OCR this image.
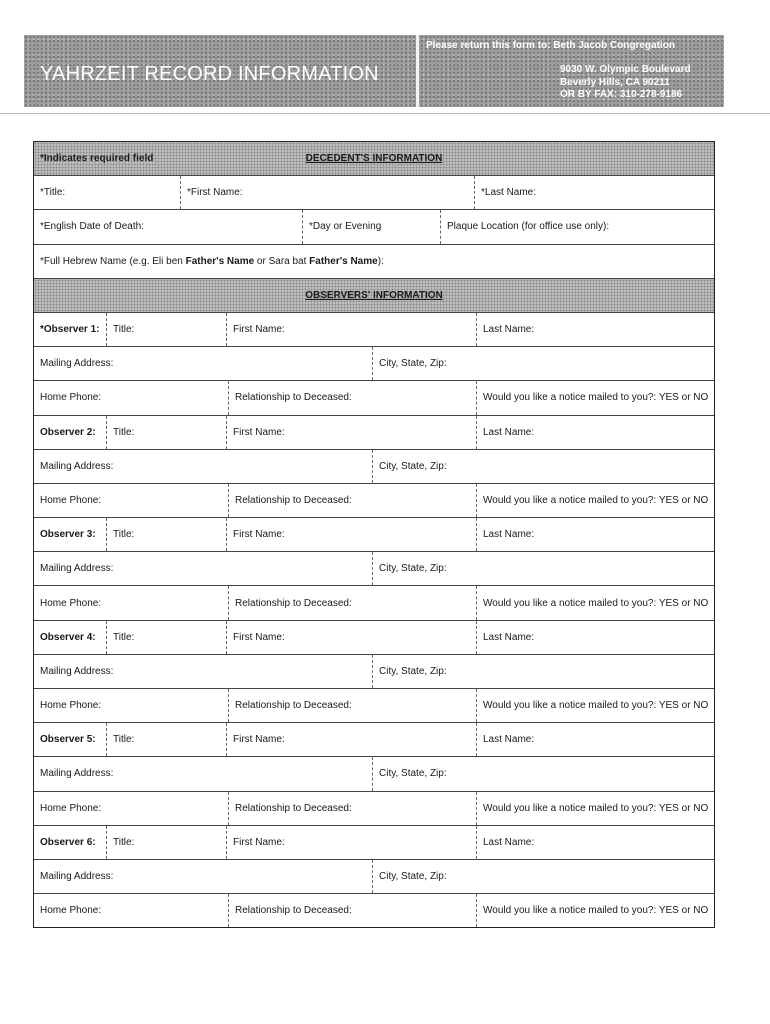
YAHRZEIT RECORD INFORMATION
Please return this form to: Beth Jacob Congregation
9030 W. Olympic Boulevard
Beverly Hills, CA 90211
OR BY FAX: 310-278-9186
*Indicates required field	DECEDENT'S INFORMATION
*Title:	*First Name:	*Last Name:
*English Date of Death:	*Day or Evening	Plaque Location (for office use only):
*Full Hebrew Name (e.g. Eli ben Father's Name or Sara bat Father's Name ):
OBSERVERS' INFORMATION
*Observer 1:	Title:	First Name:	Last Name:
Mailing Address:	City, State, Zip:
Home Phone:	Relationship to Deceased:	Would you like a notice mailed to you?: YES or NO
Observer 2:	Title:	First Name:	Last Name:
Mailing Address:	City, State, Zip:
Home Phone:	Relationship to Deceased:	Would you like a notice mailed to you?: YES or NO
Observer 3:	Title:	First Name:	Last Name:
Mailing Address:	City, State, Zip:
Home Phone:	Relationship to Deceased:	Would you like a notice mailed to you?: YES or NO
Observer 4:	Title:	First Name:	Last Name:
Mailing Address:	City, State, Zip:
Home Phone:	Relationship to Deceased:	Would you like a notice mailed to you?: YES or NO
Observer 5:	Title:	First Name:	Last Name:
Mailing Address:	City, State, Zip:
Home Phone:	Relationship to Deceased:	Would you like a notice mailed to you?: YES or NO
Observer 6:	Title:	First Name:	Last Name:
Mailing Address:	City, State, Zip:
Home Phone:	Relationship to Deceased:	Would you like a notice mailed to you?: YES or NO
